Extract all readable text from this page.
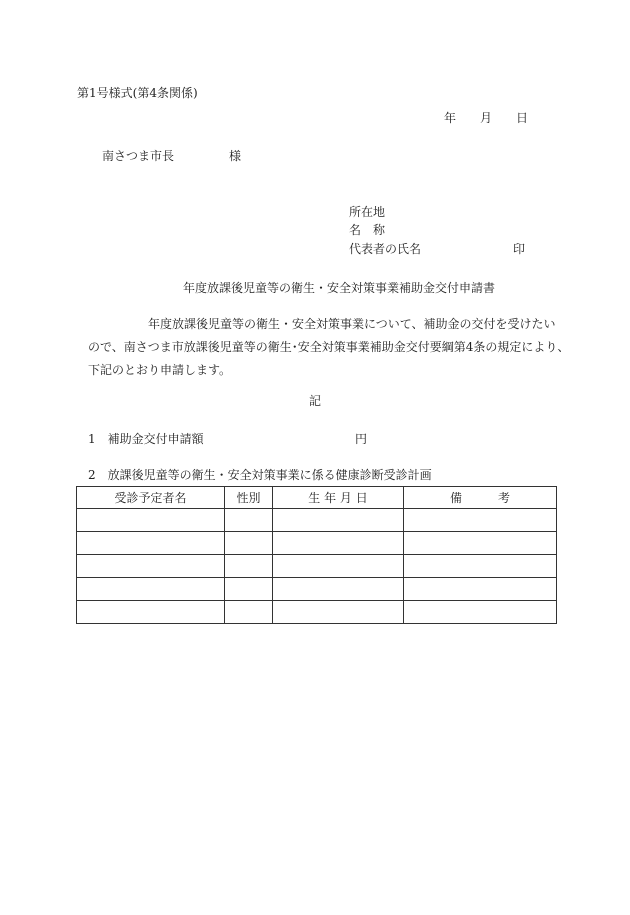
第1号様式(第4条関係)
年 月 日
南さつま市長	様
所在地
名　称
代表者の氏名	印
年度放課後児童等の衛生・安全対策事業補助金交付申請書
年度放課後児童等の衛生・安全対策事業について、補助金の交付を受けたい
ので、南さつま市放課後児童等の衛生･安全対策事業補助金交付要綱第4条の規定により、
下記のとおり申請します。
記
1　補助金交付申請額	円
2　放課後児童等の衛生・安全対策事業に係る健康診断受診計画
受診予定者名	性別	生 年 月 日	備　　　考
